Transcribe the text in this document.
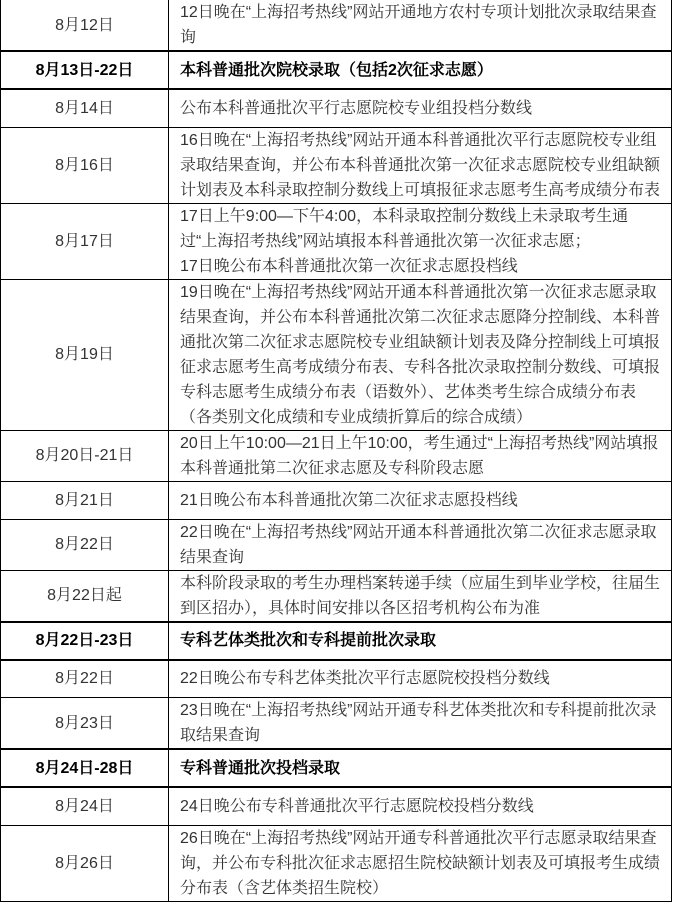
8月12日	12日晚在“上海招考热线”网站开通地方农村专项计划批次录取结果查询

8月13日-22日	本科普通批次院校录取（包括2次征求志愿）

8月14日	公布本科普通批次平行志愿院校专业组投档分数线

8月16日	16日晚在“上海招考热线”网站开通本科普通批次平行志愿院校专业组录取结果查询，并公布本科普通批次第一次征求志愿院校专业组缺额计划表及本科录取控制分数线上可填报征求志愿考生高考成绩分布表

8月17日	17日上午9:00—下午4:00，本科录取控制分数线上未录取考生通过“上海招考热线”网站填报本科普通批次第一次征求志愿；
17日晚公布本科普通批次第一次征求志愿投档线

8月19日	19日晚在“上海招考热线”网站开通本科普通批次第一次征求志愿录取结果查询，并公布本科普通批次第二次征求志愿降分控制线、本科普通批次第二次征求志愿院校专业组缺额计划表及降分控制线上可填报征求志愿考生高考成绩分布表、专科各批次录取控制分数线、可填报专科志愿考生成绩分布表（语数外）、艺体类考生综合成绩分布表（各类别文化成绩和专业成绩折算后的综合成绩）

8月20日-21日	20日上午10:00—21日上午10:00，考生通过“上海招考热线”网站填报本科普通批第二次征求志愿及专科阶段志愿

8月21日	21日晚公布本科普通批次第二次征求志愿投档线

8月22日	22日晚在“上海招考热线”网站开通本科普通批次第二次征求志愿录取结果查询

8月22日起	本科阶段录取的考生办理档案转递手续（应届生到毕业学校，往届生到区招办），具体时间安排以各区招考机构公布为准

8月22日-23日	专科艺体类批次和专科提前批次录取

8月22日	22日晚公布专科艺体类批次平行志愿院校投档分数线

8月23日	23日晚在“上海招考热线”网站开通专科艺体类批次和专科提前批次录取结果查询

8月24日-28日	专科普通批次投档录取

8月24日	24日晚公布专科普通批次平行志愿院校投档分数线

8月26日	26日晚在“上海招考热线”网站开通专科普通批次平行志愿录取结果查询，并公布专科批次征求志愿招生院校缺额计划表及可填报考生成绩分布表（含艺体类招生院校）
